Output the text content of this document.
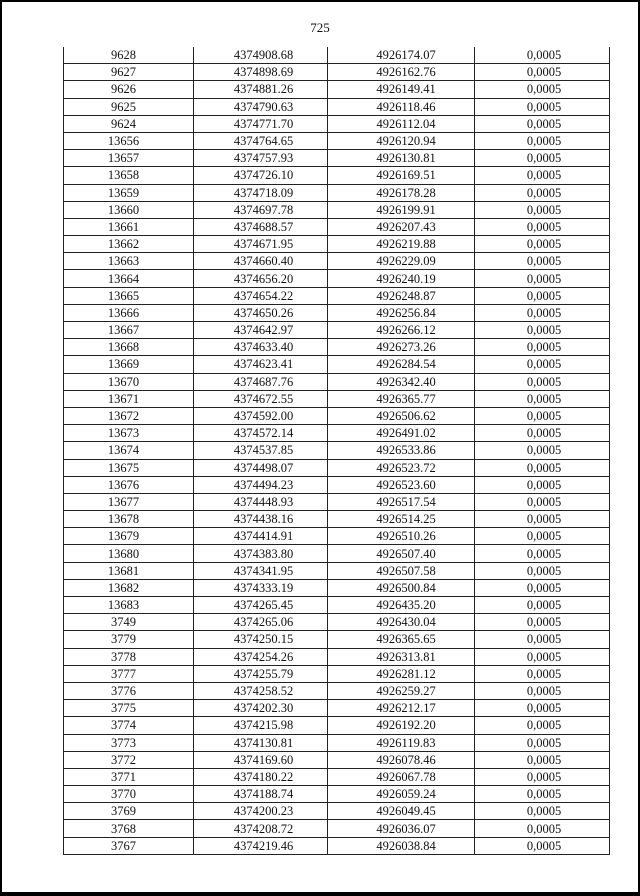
725
9628	4374908.68	4926174.07	0,0005
9627	4374898.69	4926162.76	0,0005
9626	4374881.26	4926149.41	0,0005
9625	4374790.63	4926118.46	0,0005
9624	4374771.70	4926112.04	0,0005
13656	4374764.65	4926120.94	0,0005
13657	4374757.93	4926130.81	0,0005
13658	4374726.10	4926169.51	0,0005
13659	4374718.09	4926178.28	0,0005
13660	4374697.78	4926199.91	0,0005
13661	4374688.57	4926207.43	0,0005
13662	4374671.95	4926219.88	0,0005
13663	4374660.40	4926229.09	0,0005
13664	4374656.20	4926240.19	0,0005
13665	4374654.22	4926248.87	0,0005
13666	4374650.26	4926256.84	0,0005
13667	4374642.97	4926266.12	0,0005
13668	4374633.40	4926273.26	0,0005
13669	4374623.41	4926284.54	0,0005
13670	4374687.76	4926342.40	0,0005
13671	4374672.55	4926365.77	0,0005
13672	4374592.00	4926506.62	0,0005
13673	4374572.14	4926491.02	0,0005
13674	4374537.85	4926533.86	0,0005
13675	4374498.07	4926523.72	0,0005
13676	4374494.23	4926523.60	0,0005
13677	4374448.93	4926517.54	0,0005
13678	4374438.16	4926514.25	0,0005
13679	4374414.91	4926510.26	0,0005
13680	4374383.80	4926507.40	0,0005
13681	4374341.95	4926507.58	0,0005
13682	4374333.19	4926500.84	0,0005
13683	4374265.45	4926435.20	0,0005
3749	4374265.06	4926430.04	0,0005
3779	4374250.15	4926365.65	0,0005
3778	4374254.26	4926313.81	0,0005
3777	4374255.79	4926281.12	0,0005
3776	4374258.52	4926259.27	0,0005
3775	4374202.30	4926212.17	0,0005
3774	4374215.98	4926192.20	0,0005
3773	4374130.81	4926119.83	0,0005
3772	4374169.60	4926078.46	0,0005
3771	4374180.22	4926067.78	0,0005
3770	4374188.74	4926059.24	0,0005
3769	4374200.23	4926049.45	0,0005
3768	4374208.72	4926036.07	0,0005
3767	4374219.46	4926038.84	0,0005
